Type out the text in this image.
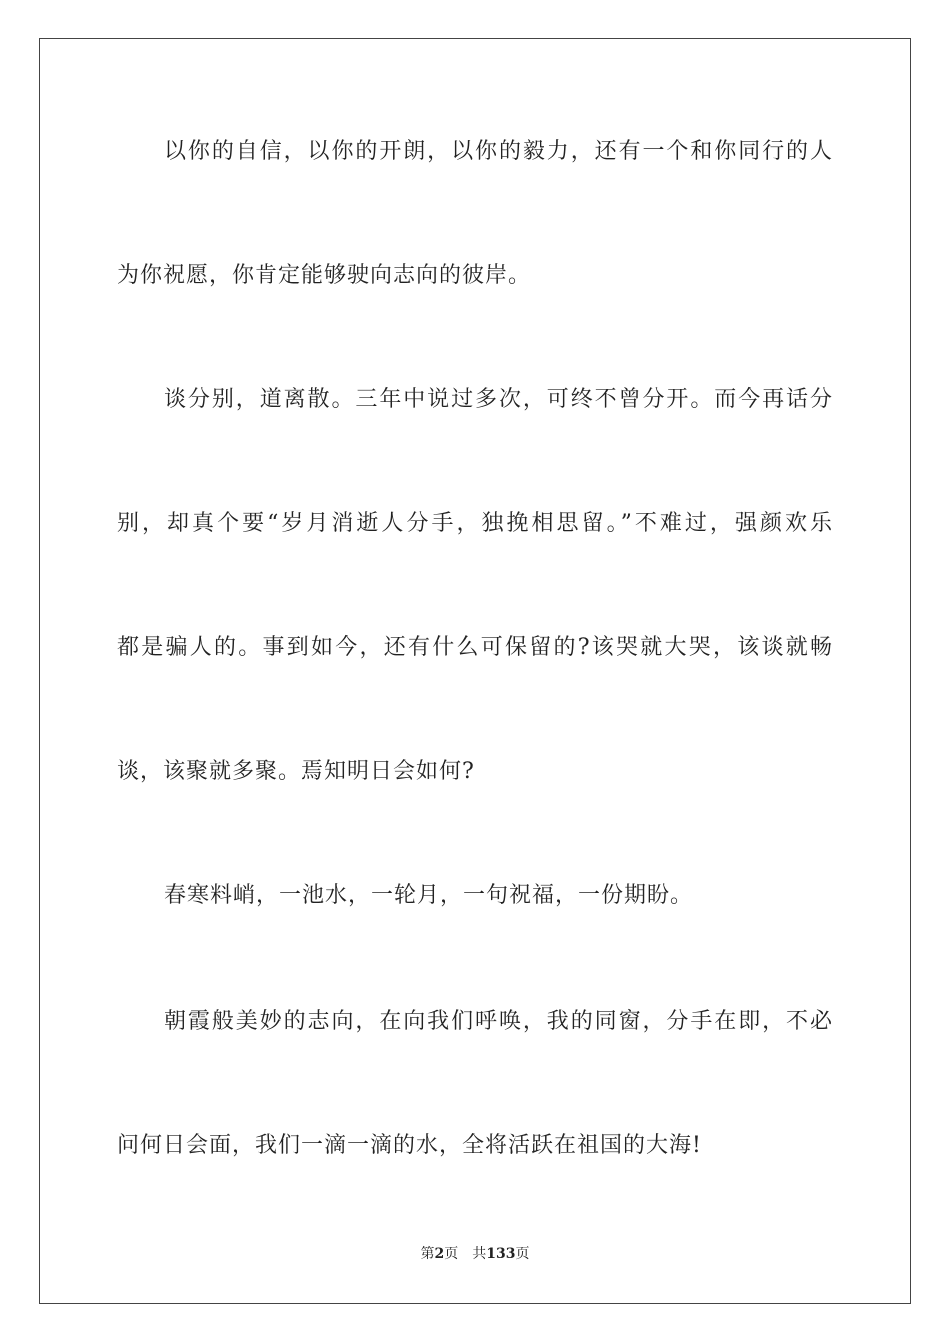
以你的自信，以你的开朗，以你的毅力，还有一个和你同行的人
为你祝愿，你肯定能够驶向志向的彼岸。
谈分别，道离散。三年中说过多次，可终不曾分开。而今再话分
别，却真个要“岁月消逝人分手，独挽相思留。”不难过，强颜欢乐
都是骗人的。事到如今，还有什么可保留的?该哭就大哭，该谈就畅
谈，该聚就多聚。焉知明日会如何?
春寒料峭，一池水，一轮月，一句祝福，一份期盼。
朝霞般美妙的志向，在向我们呼唤，我的同窗，分手在即，不必
问何日会面，我们一滴一滴的水，全将活跃在祖国的大海!
第2页 共133页
